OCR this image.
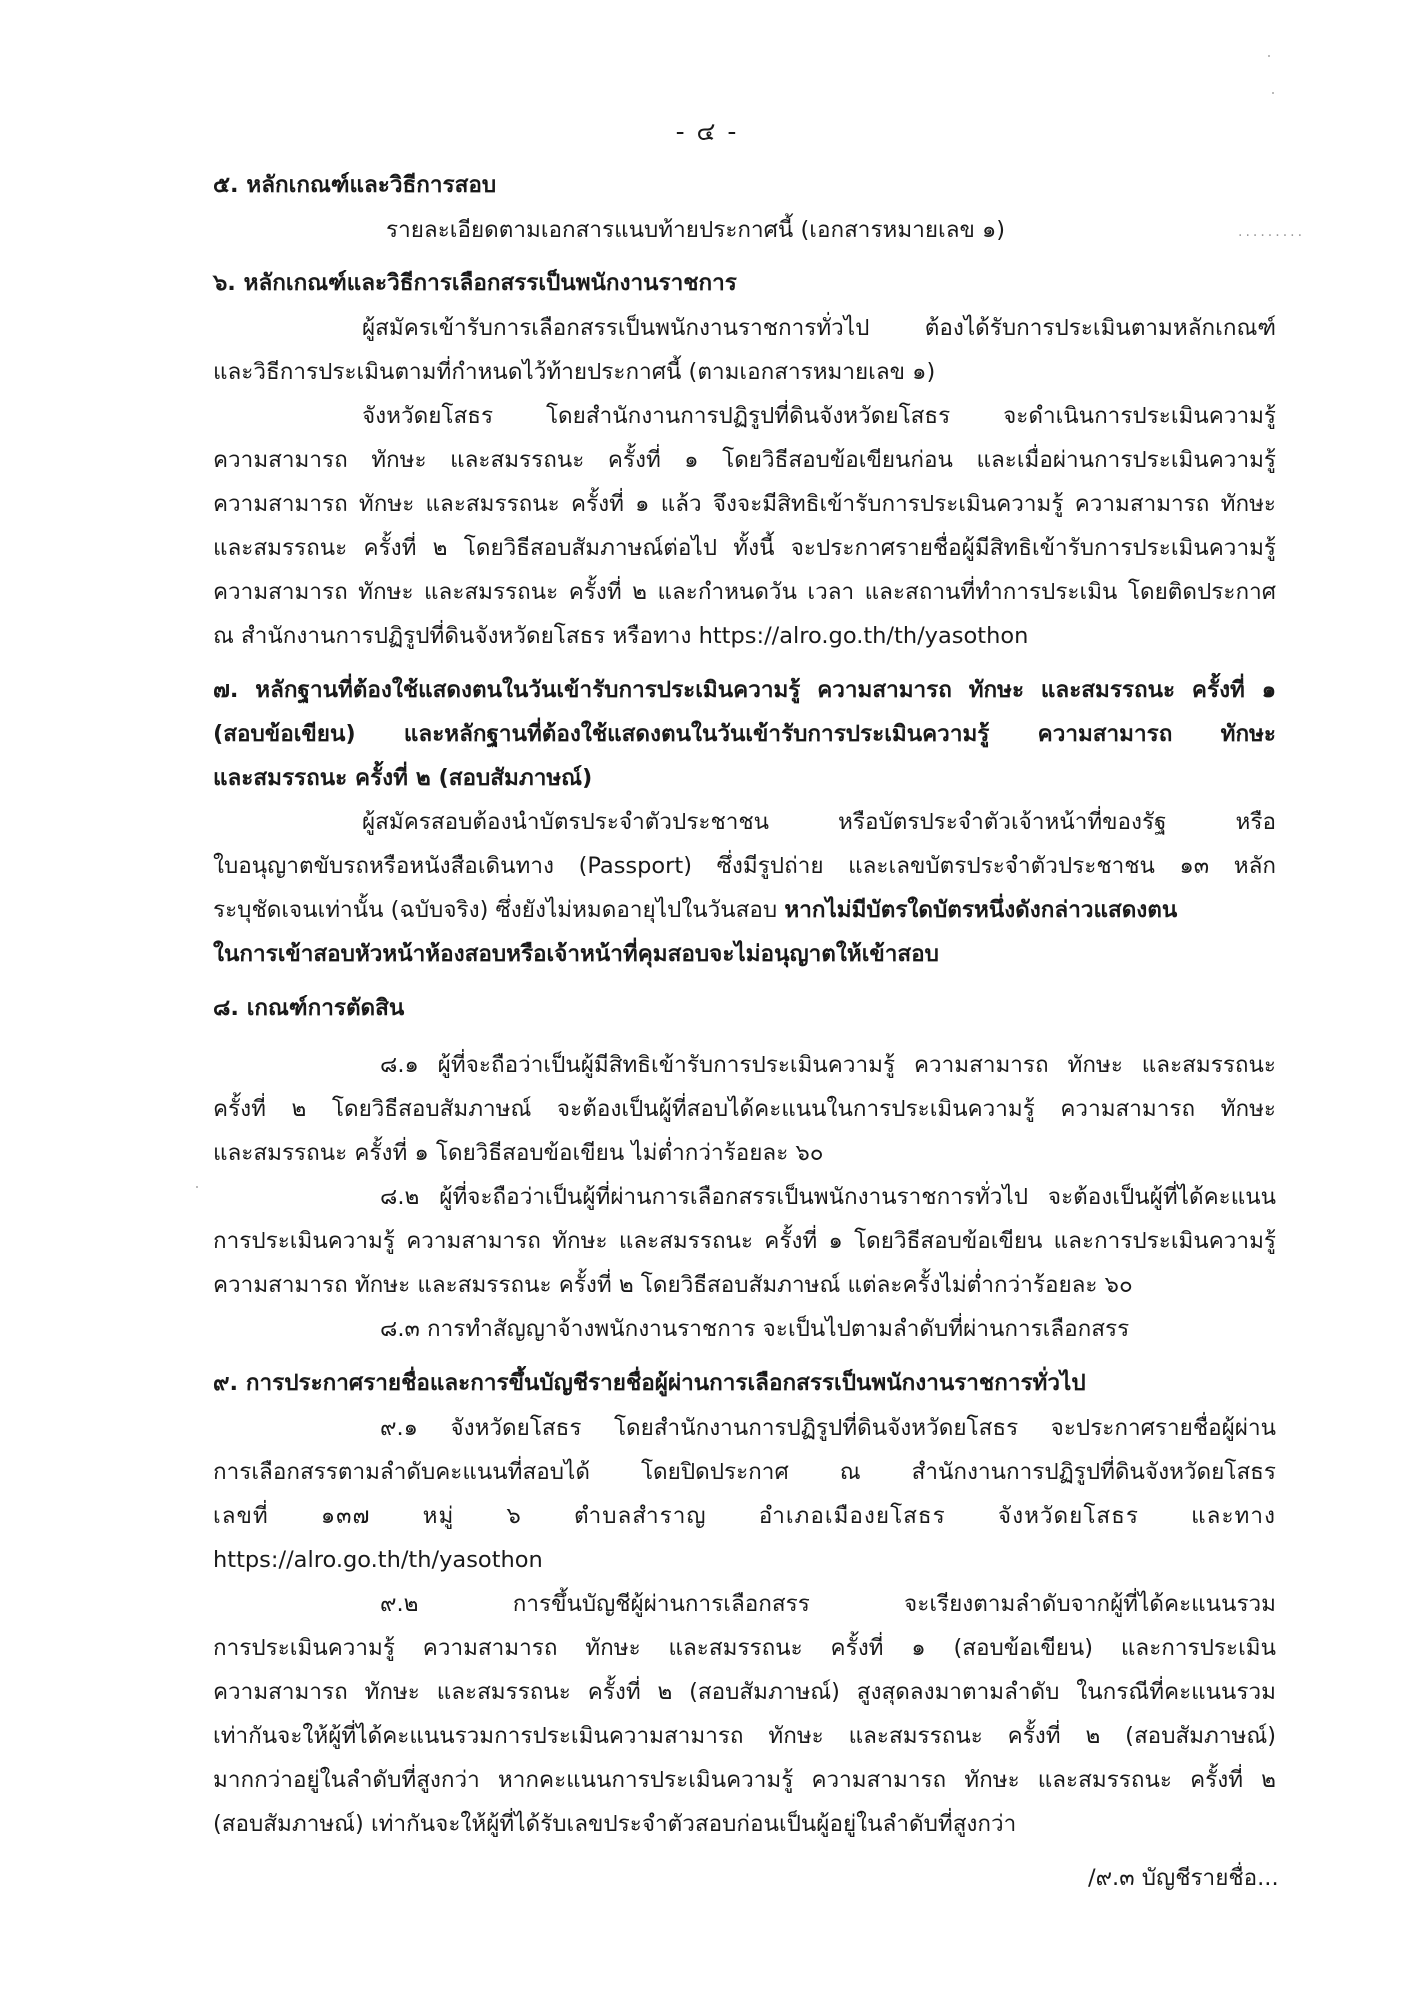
- ๔ -

.........

๕. หลักเกณฑ์และวิธีการสอบ

รายละเอียดตามเอกสารแนบท้ายประกาศนี้ (เอกสารหมายเลข ๑)

๖. หลักเกณฑ์และวิธีการเลือกสรรเป็นพนักงานราชการ

ผู้สมัครเข้ารับการเลือกสรรเป็นพนักงานราชการทั่วไป ต้องได้รับการประเมินตามหลักเกณฑ์

และวิธีการประเมินตามที่กำหนดไว้ท้ายประกาศนี้ (ตามเอกสารหมายเลข ๑)

จังหวัดยโสธร โดยสำนักงานการปฏิรูปที่ดินจังหวัดยโสธร จะดำเนินการประเมินความรู้

ความสามารถ ทักษะ และสมรรถนะ ครั้งที่ ๑ โดยวิธีสอบข้อเขียนก่อน และเมื่อผ่านการประเมินความรู้

ความสามารถ ทักษะ และสมรรถนะ ครั้งที่ ๑ แล้ว จึงจะมีสิทธิเข้ารับการประเมินความรู้ ความสามารถ ทักษะ

และสมรรถนะ ครั้งที่ ๒ โดยวิธีสอบสัมภาษณ์ต่อไป ทั้งนี้ จะประกาศรายชื่อผู้มีสิทธิเข้ารับการประเมินความรู้

ความสามารถ ทักษะ และสมรรถนะ ครั้งที่ ๒ และกำหนดวัน เวลา และสถานที่ทำการประเมิน โดยติดประกาศ

ณ สำนักงานการปฏิรูปที่ดินจังหวัดยโสธร หรือทาง https://alro.go.th/th/yasothon

๗. หลักฐานที่ต้องใช้แสดงตนในวันเข้ารับการประเมินความรู้ ความสามารถ ทักษะ และสมรรถนะ ครั้งที่ ๑

(สอบข้อเขียน) และหลักฐานที่ต้องใช้แสดงตนในวันเข้ารับการประเมินความรู้ ความสามารถ ทักษะ

และสมรรถนะ ครั้งที่ ๒ (สอบสัมภาษณ์)

ผู้สมัครสอบต้องนำบัตรประจำตัวประชาชน หรือบัตรประจำตัวเจ้าหน้าที่ของรัฐ หรือ

ใบอนุญาตขับรถหรือหนังสือเดินทาง (Passport) ซึ่งมีรูปถ่าย และเลขบัตรประจำตัวประชาชน ๑๓ หลัก

ระบุชัดเจนเท่านั้น (ฉบับจริง) ซึ่งยังไม่หมดอายุไปในวันสอบ หากไม่มีบัตรใดบัตรหนึ่งดังกล่าวแสดงตน

ในการเข้าสอบหัวหน้าห้องสอบหรือเจ้าหน้าที่คุมสอบจะไม่อนุญาตให้เข้าสอบ

๘. เกณฑ์การตัดสิน

๘.๑ ผู้ที่จะถือว่าเป็นผู้มีสิทธิเข้ารับการประเมินความรู้ ความสามารถ ทักษะ และสมรรถนะ

ครั้งที่ ๒ โดยวิธีสอบสัมภาษณ์ จะต้องเป็นผู้ที่สอบได้คะแนนในการประเมินความรู้ ความสามารถ ทักษะ

และสมรรถนะ ครั้งที่ ๑ โดยวิธีสอบข้อเขียน ไม่ต่ำกว่าร้อยละ ๖๐

๘.๒ ผู้ที่จะถือว่าเป็นผู้ที่ผ่านการเลือกสรรเป็นพนักงานราชการทั่วไป จะต้องเป็นผู้ที่ได้คะแนน

การประเมินความรู้ ความสามารถ ทักษะ และสมรรถนะ ครั้งที่ ๑ โดยวิธีสอบข้อเขียน และการประเมินความรู้

ความสามารถ ทักษะ และสมรรถนะ ครั้งที่ ๒ โดยวิธีสอบสัมภาษณ์ แต่ละครั้งไม่ต่ำกว่าร้อยละ ๖๐

๘.๓ การทำสัญญาจ้างพนักงานราชการ จะเป็นไปตามลำดับที่ผ่านการเลือกสรร

๙. การประกาศรายชื่อและการขึ้นบัญชีรายชื่อผู้ผ่านการเลือกสรรเป็นพนักงานราชการทั่วไป

๙.๑ จังหวัดยโสธร โดยสำนักงานการปฏิรูปที่ดินจังหวัดยโสธร จะประกาศรายชื่อผู้ผ่าน

การเลือกสรรตามลำดับคะแนนที่สอบได้ โดยปิดประกาศ ณ สำนักงานการปฏิรูปที่ดินจังหวัดยโสธร

เลขที่ ๑๓๗ หมู่ ๖ ตำบลสำราญ อำเภอเมืองยโสธร จังหวัดยโสธร และทาง

https://alro.go.th/th/yasothon

๙.๒ การขึ้นบัญชีผู้ผ่านการเลือกสรร จะเรียงตามลำดับจากผู้ที่ได้คะแนนรวม

การประเมินความรู้ ความสามารถ ทักษะ และสมรรถนะ ครั้งที่ ๑ (สอบข้อเขียน) และการประเมิน

ความสามารถ ทักษะ และสมรรถนะ ครั้งที่ ๒ (สอบสัมภาษณ์) สูงสุดลงมาตามลำดับ ในกรณีที่คะแนนรวม

เท่ากันจะให้ผู้ที่ได้คะแนนรวมการประเมินความสามารถ ทักษะ และสมรรถนะ ครั้งที่ ๒ (สอบสัมภาษณ์)

มากกว่าอยู่ในลำดับที่สูงกว่า หากคะแนนการประเมินความรู้ ความสามารถ ทักษะ และสมรรถนะ ครั้งที่ ๒

(สอบสัมภาษณ์) เท่ากันจะให้ผู้ที่ได้รับเลขประจำตัวสอบก่อนเป็นผู้อยู่ในลำดับที่สูงกว่า

/๙.๓ บัญชีรายชื่อ...
